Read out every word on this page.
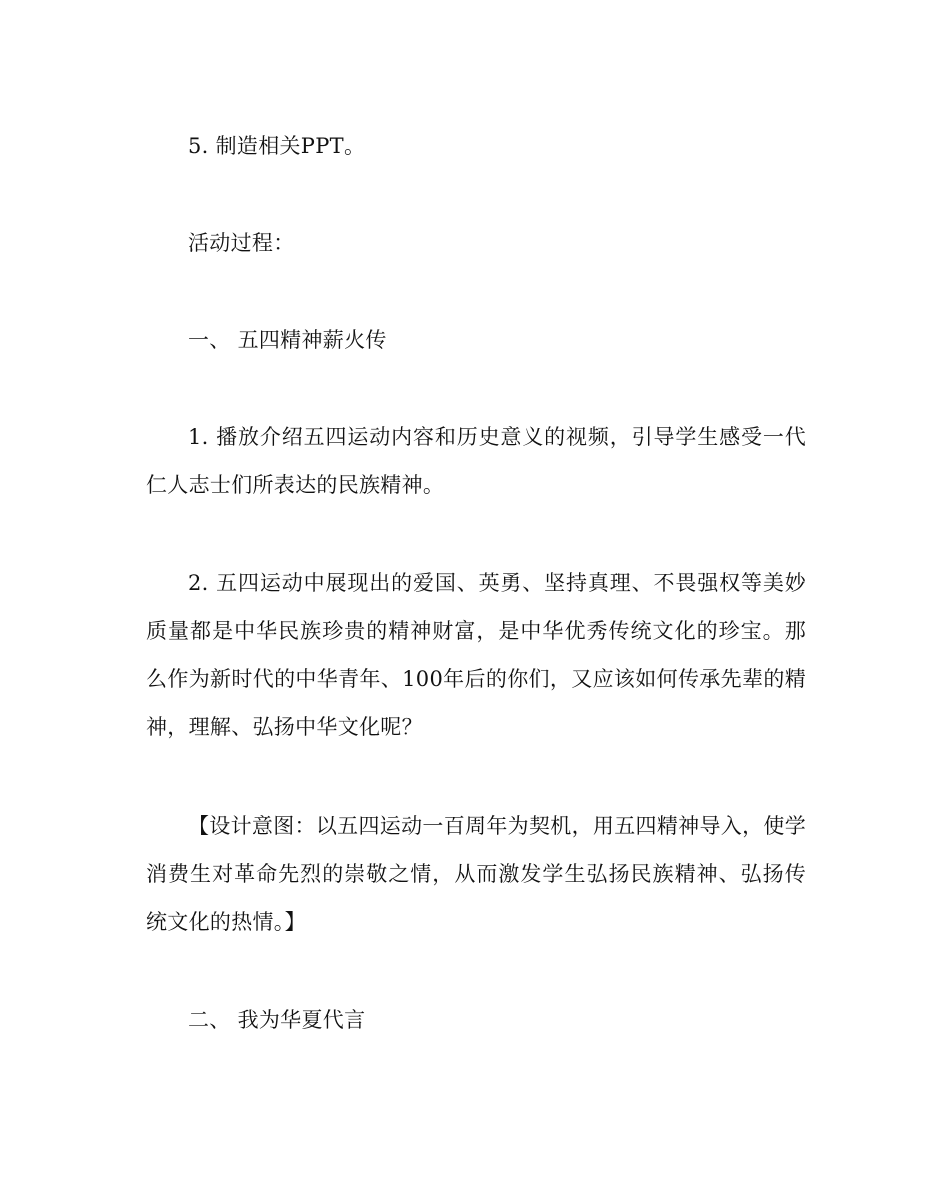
5. 制造相关PPT。

活动过程：

一、 五四精神薪火传

1. 播放介绍五四运动内容和历史意义的视频，引导学生感受一代仁人志士们所表达的民族精神。

2. 五四运动中展现出的爱国、英勇、坚持真理、不畏强权等美妙质量都是中华民族珍贵的精神财富，是中华优秀传统文化的珍宝。那么作为新时代的中华青年、100年后的你们，又应该如何传承先辈的精神，理解、弘扬中华文化呢？

【设计意图：以五四运动一百周年为契机，用五四精神导入，使学消费生对革命先烈的崇敬之情，从而激发学生弘扬民族精神、弘扬传统文化的热情。】

二、 我为华夏代言
